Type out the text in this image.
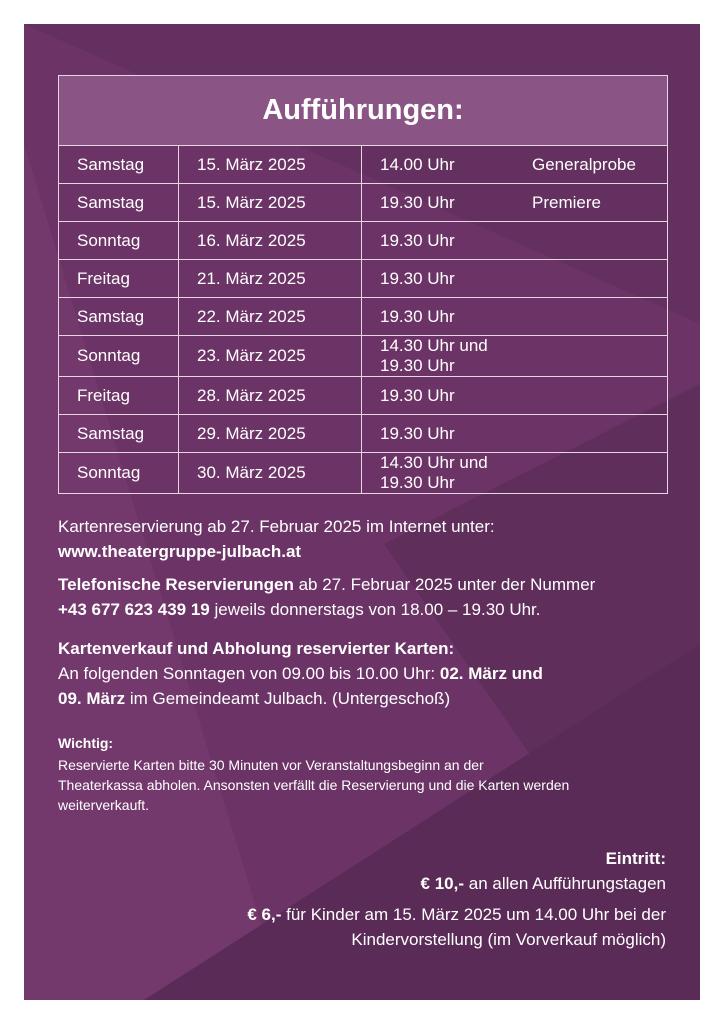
Aufführungen:
Samstag	15. März 2025	14.00 Uhr Generalprobe

Samstag	15. März 2025	19.30 Uhr Premiere

Sonntag	16. März 2025	19.30 Uhr

Freitag	21. März 2025	19.30 Uhr

Samstag	22. März 2025	19.30 Uhr

Sonntag	23. März 2025	14.30 Uhr und 19.30 Uhr

Freitag	28. März 2025	19.30 Uhr

Samstag	29. März 2025	19.30 Uhr

Sonntag	30. März 2025	14.30 Uhr und 19.30 Uhr
Kartenreservierung ab 27. Februar 2025 im Internet unter:
www.theatergruppe-julbach.at
Telefonische Reservierungen ab 27. Februar 2025 unter der Nummer
+43 677 623 439 19 jeweils donnerstags von 18.00 – 19.30 Uhr.
Kartenverkauf und Abholung reservierter Karten:
An folgenden Sonntagen von 09.00 bis 10.00 Uhr: 02. März und
09. März im Gemeindeamt Julbach. (Untergeschoß)
Wichtig:
Reservierte Karten bitte 30 Minuten vor Veranstaltungsbeginn an der
Theaterkassa abholen. Ansonsten verfällt die Reservierung und die Karten werden
weiterverkauft.
Eintritt:
€ 10,- an allen Aufführungstagen
€ 6,- für Kinder am 15. März 2025 um 14.00 Uhr bei der
Kindervorstellung (im Vorverkauf möglich)
